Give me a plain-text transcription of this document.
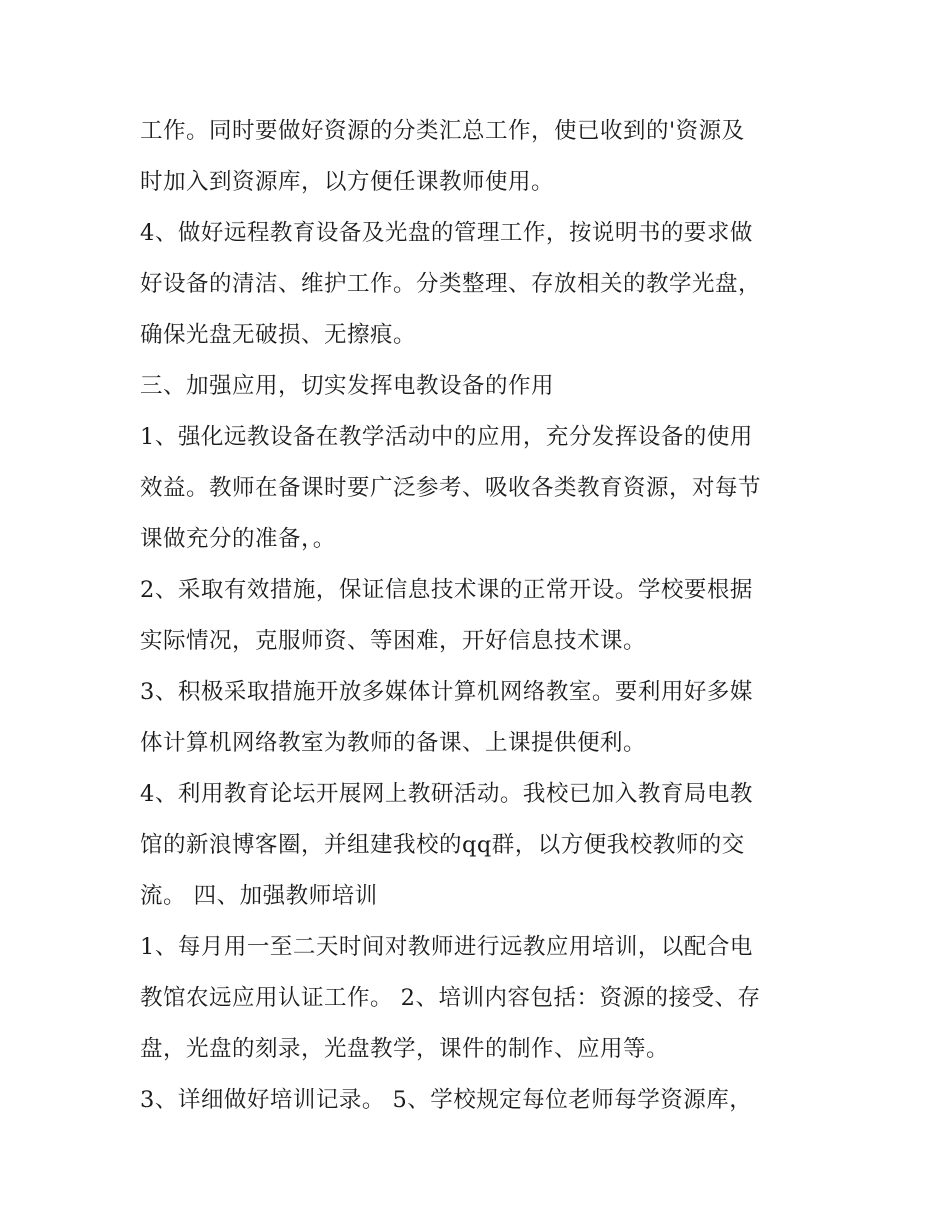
工作。同时要做好资源的分类汇总工作，使已收到的'资源及
时加入到资源库，以方便任课教师使用。
4、做好远程教育设备及光盘的管理工作，按说明书的要求做
好设备的清洁、维护工作。分类整理、存放相关的教学光盘，
确保光盘无破损、无擦痕。
三、加强应用，切实发挥电教设备的作用
1、强化远教设备在教学活动中的应用，充分发挥设备的使用
效益。教师在备课时要广泛参考、吸收各类教育资源，对每节
课做充分的准备，。
2、采取有效措施，保证信息技术课的正常开设。学校要根据
实际情况，克服师资、等困难，开好信息技术课。
3、积极采取措施开放多媒体计算机网络教室。要利用好多媒
体计算机网络教室为教师的备课、上课提供便利。
4、利用教育论坛开展网上教研活动。我校已加入教育局电教
馆的新浪博客圈，并组建我校的qq群，以方便我校教师的交
流。 四、加强教师培训
1、每月用一至二天时间对教师进行远教应用培训，以配合电
教馆农远应用认证工作。 2、培训内容包括：资源的接受、存
盘，光盘的刻录，光盘教学，课件的制作、应用等。
3、详细做好培训记录。 5、学校规定每位老师每学资源库，
